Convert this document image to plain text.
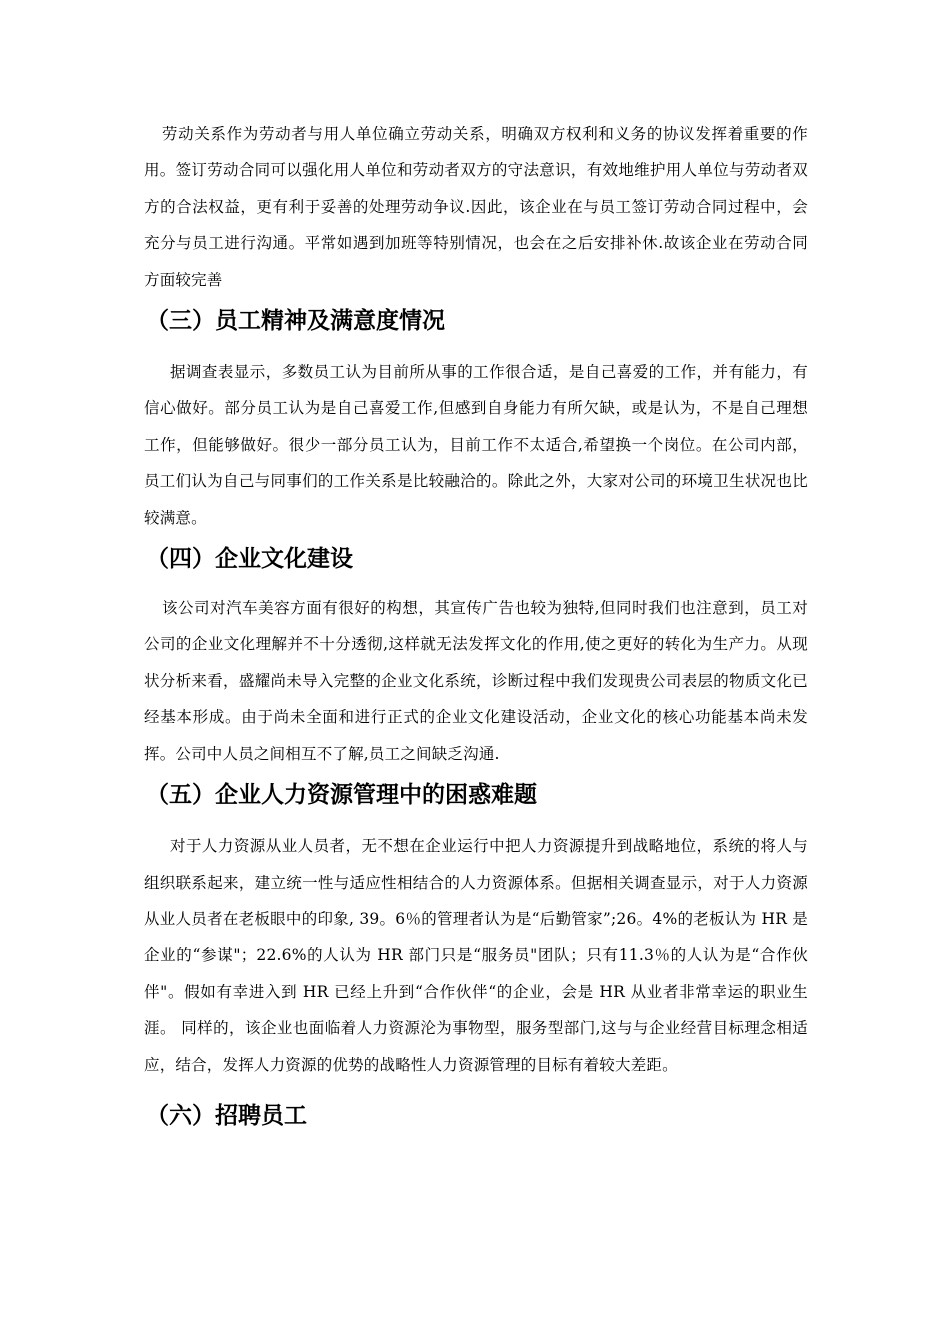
劳动关系作为劳动者与用人单位确立劳动关系，明确双方权利和义务的协议发挥着重要的作用。签订劳动合同可以强化用人单位和劳动者双方的守法意识，有效地维护用人单位与劳动者双方的合法权益，更有利于妥善的处理劳动争议.因此，该企业在与员工签订劳动合同过程中，会充分与员工进行沟通。平常如遇到加班等特别情况，也会在之后安排补休.故该企业在劳动合同方面较完善

（三）员工精神及满意度情况

据调查表显示，多数员工认为目前所从事的工作很合适，是自己喜爱的工作，并有能力，有信心做好。部分员工认为是自己喜爱工作,但感到自身能力有所欠缺，或是认为，不是自己理想工作，但能够做好。很少一部分员工认为，目前工作不太适合,希望换一个岗位。在公司内部，员工们认为自己与同事们的工作关系是比较融洽的。除此之外，大家对公司的环境卫生状况也比较满意。

（四）企业文化建设

该公司对汽车美容方面有很好的构想，其宣传广告也较为独特,但同时我们也注意到，员工对公司的企业文化理解并不十分透彻,这样就无法发挥文化的作用,使之更好的转化为生产力。从现状分析来看，盛耀尚未导入完整的企业文化系统，诊断过程中我们发现贵公司表层的物质文化已经基本形成。由于尚未全面和进行正式的企业文化建设活动，企业文化的核心功能基本尚未发挥。公司中人员之间相互不了解,员工之间缺乏沟通.

（五）企业人力资源管理中的困惑难题

对于人力资源从业人员者，无不想在企业运行中把人力资源提升到战略地位，系统的将人与组织联系起来，建立统一性与适应性相结合的人力资源体系。但据相关调查显示，对于人力资源从业人员者在老板眼中的印象, 39。6％的管理者认为是“后勤管家”;26。4%的老板认为 HR 是企业的“参谋"；22.6%的人认为 HR 部门只是“服务员"团队；只有11.3％的人认为是“合作伙伴"。假如有幸进入到 HR 已经上升到“合作伙伴“的企业，会是 HR 从业者非常幸运的职业生涯。 同样的，该企业也面临着人力资源沦为事物型，服务型部门,这与与企业经营目标理念相适应，结合，发挥人力资源的优势的战略性人力资源管理的目标有着较大差距。

（六）招聘员工
